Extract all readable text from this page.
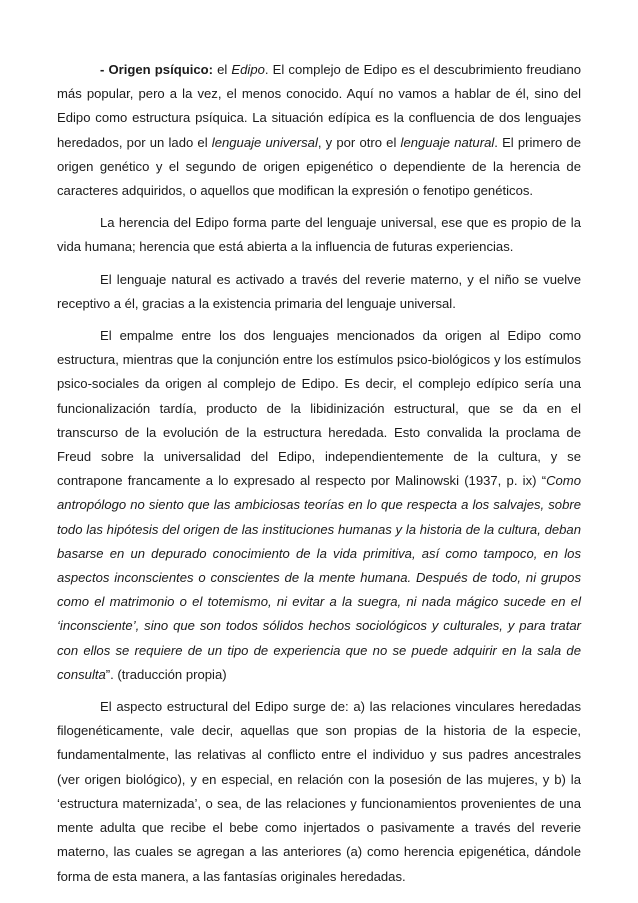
- Origen psíquico: el Edipo. El complejo de Edipo es el descubrimiento freudiano más popular, pero a la vez, el menos conocido. Aquí no vamos a hablar de él, sino del Edipo como estructura psíquica. La situación edípica es la confluencia de dos lenguajes heredados, por un lado el lenguaje universal, y por otro el lenguaje natural. El primero de origen genético y el segundo de origen epigenético o dependiente de la herencia de caracteres adquiridos, o aquellos que modifican la expresión o fenotipo genéticos.

La herencia del Edipo forma parte del lenguaje universal, ese que es propio de la vida humana; herencia que está abierta a la influencia de futuras experiencias.

El lenguaje natural es activado a través del reverie materno, y el niño se vuelve receptivo a él, gracias a la existencia primaria del lenguaje universal.

El empalme entre los dos lenguajes mencionados da origen al Edipo como estructura, mientras que la conjunción entre los estímulos psico-biológicos y los estímulos psico-sociales da origen al complejo de Edipo. Es decir, el complejo edípico sería una funcionalización tardía, producto de la libidinización estructural, que se da en el transcurso de la evolución de la estructura heredada. Esto convalida la proclama de Freud sobre la universalidad del Edipo, independientemente de la cultura, y se contrapone francamente a lo expresado al respecto por Malinowski (1937, p. ix) “Como antropólogo no siento que las ambiciosas teorías en lo que respecta a los salvajes, sobre todo las hipótesis del origen de las instituciones humanas y la historia de la cultura, deban basarse en un depurado conocimiento de la vida primitiva, así como tampoco, en los aspectos inconscientes o conscientes de la mente humana. Después de todo, ni grupos como el matrimonio o el totemismo, ni evitar a la suegra, ni nada mágico sucede en el ‘inconsciente’, sino que son todos sólidos hechos sociológicos y culturales, y para tratar con ellos se requiere de un tipo de experiencia que no se puede adquirir en la sala de consulta”. (traducción propia)

El aspecto estructural del Edipo surge de: a) las relaciones vinculares heredadas filogenéticamente, vale decir, aquellas que son propias de la historia de la especie, fundamentalmente, las relativas al conflicto entre el individuo y sus padres ancestrales (ver origen biológico), y en especial, en relación con la posesión de las mujeres, y b) la ‘estructura maternizada’, o sea, de las relaciones y funcionamientos provenientes de una mente adulta que recibe el bebe como injertados o pasivamente a través del reverie materno, las cuales se agregan a las anteriores (a) como herencia epigenética, dándole forma de esta manera, a las fantasías originales heredadas.
